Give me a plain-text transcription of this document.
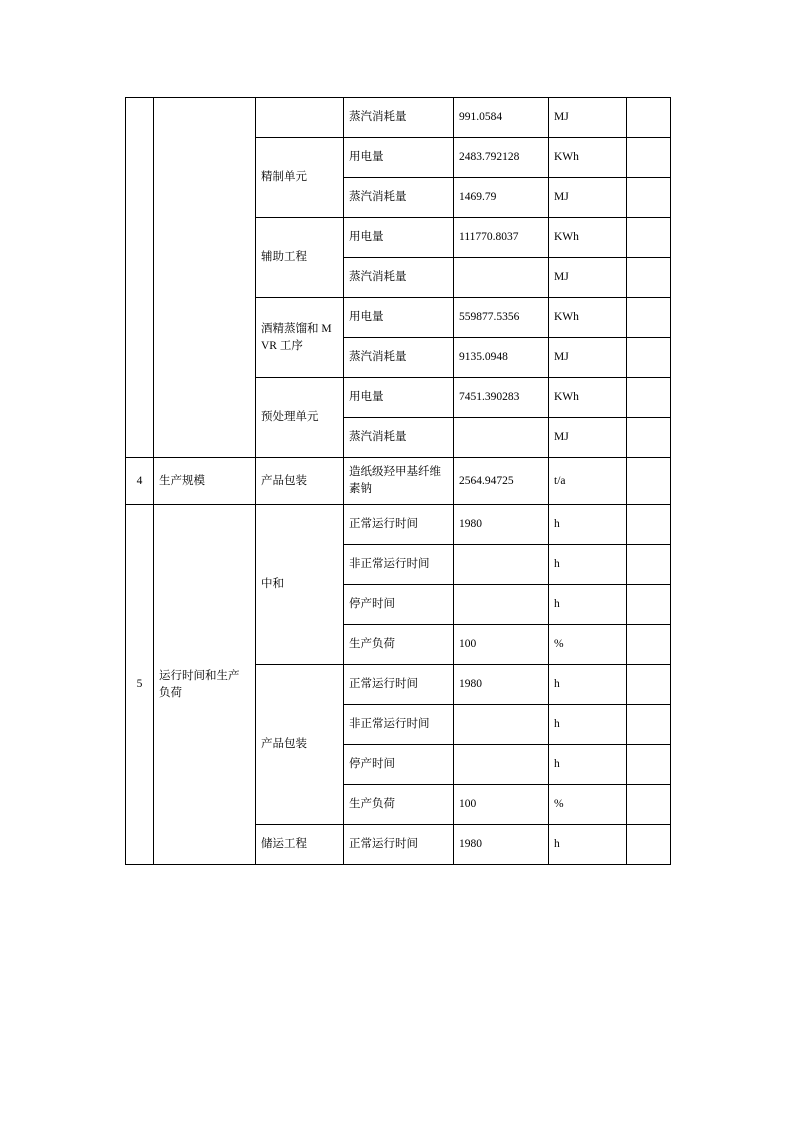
			蒸汽消耗量	991.0584	MJ	
		精制单元	用电量	2483.792128	KWh	
			蒸汽消耗量	1469.79	MJ	
		辅助工程	用电量	111770.8037	KWh	
			蒸汽消耗量		MJ	
		酒精蒸馏和 MVR 工序	用电量	559877.5356	KWh	
			蒸汽消耗量	9135.0948	MJ	
		预处理单元	用电量	7451.390283	KWh	
			蒸汽消耗量		MJ	
4	生产规模	产品包装	造纸级羟甲基纤维素钠	2564.94725	t/a	
5	运行时间和生产负荷	中和	正常运行时间	1980	h	
			非正常运行时间		h	
			停产时间		h	
			生产负荷	100	%	
		产品包装	正常运行时间	1980	h	
			非正常运行时间		h	
			停产时间		h	
			生产负荷	100	%	
		储运工程	正常运行时间	1980	h	
